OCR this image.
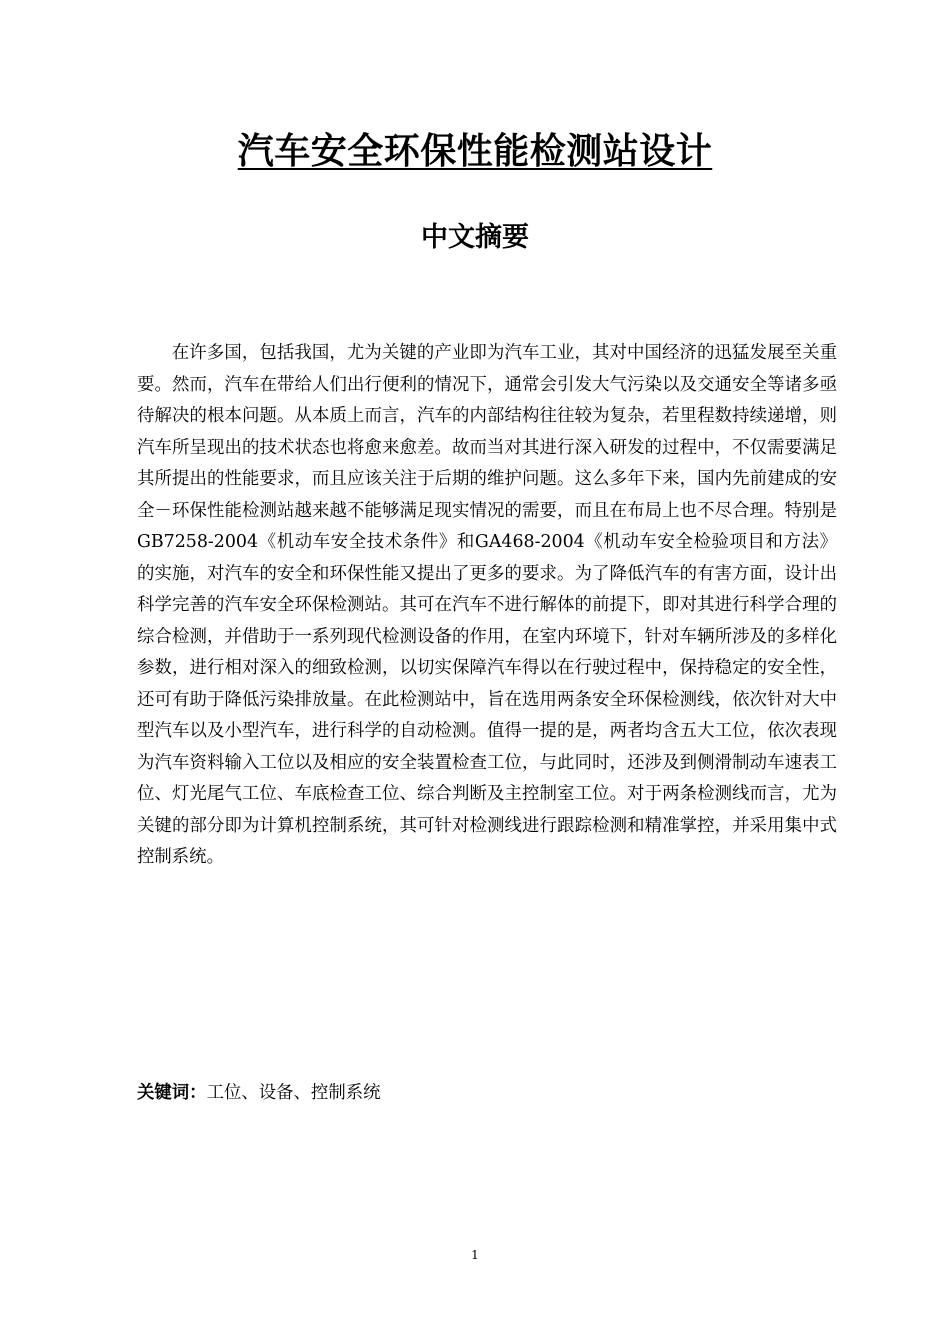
汽车安全环保性能检测站设计
中文摘要

在许多国，包括我国，尤为关键的产业即为汽车工业，其对中国经济的迅猛发展至关重要。然而，汽车在带给人们出行便利的情况下，通常会引发大气污染以及交通安全等诸多亟待解决的根本问题。从本质上而言，汽车的内部结构往往较为复杂，若里程数持续递增，则汽车所呈现出的技术状态也将愈来愈差。故而当对其进行深入研发的过程中，不仅需要满足其所提出的性能要求，而且应该关注于后期的维护问题。这么多年下来，国内先前建成的安全－环保性能检测站越来越不能够满足现实情况的需要，而且在布局上也不尽合理。特别是GB7258-2004《机动车安全技术条件》和GA468-2004《机动车安全检验项目和方法》的实施，对汽车的安全和环保性能又提出了更多的要求。为了降低汽车的有害方面，设计出科学完善的汽车安全环保检测站。其可在汽车不进行解体的前提下，即对其进行科学合理的综合检测，并借助于一系列现代检测设备的作用，在室内环境下，针对车辆所涉及的多样化参数，进行相对深入的细致检测，以切实保障汽车得以在行驶过程中，保持稳定的安全性，还可有助于降低污染排放量。在此检测站中，旨在选用两条安全环保检测线，依次针对大中型汽车以及小型汽车，进行科学的自动检测。值得一提的是，两者均含五大工位，依次表现为汽车资料输入工位以及相应的安全装置检查工位，与此同时，还涉及到侧滑制动车速表工位、灯光尾气工位、车底检查工位、综合判断及主控制室工位。对于两条检测线而言，尤为关键的部分即为计算机控制系统，其可针对检测线进行跟踪检测和精准掌控，并采用集中式控制系统。

关键词：工位、设备、控制系统
1
